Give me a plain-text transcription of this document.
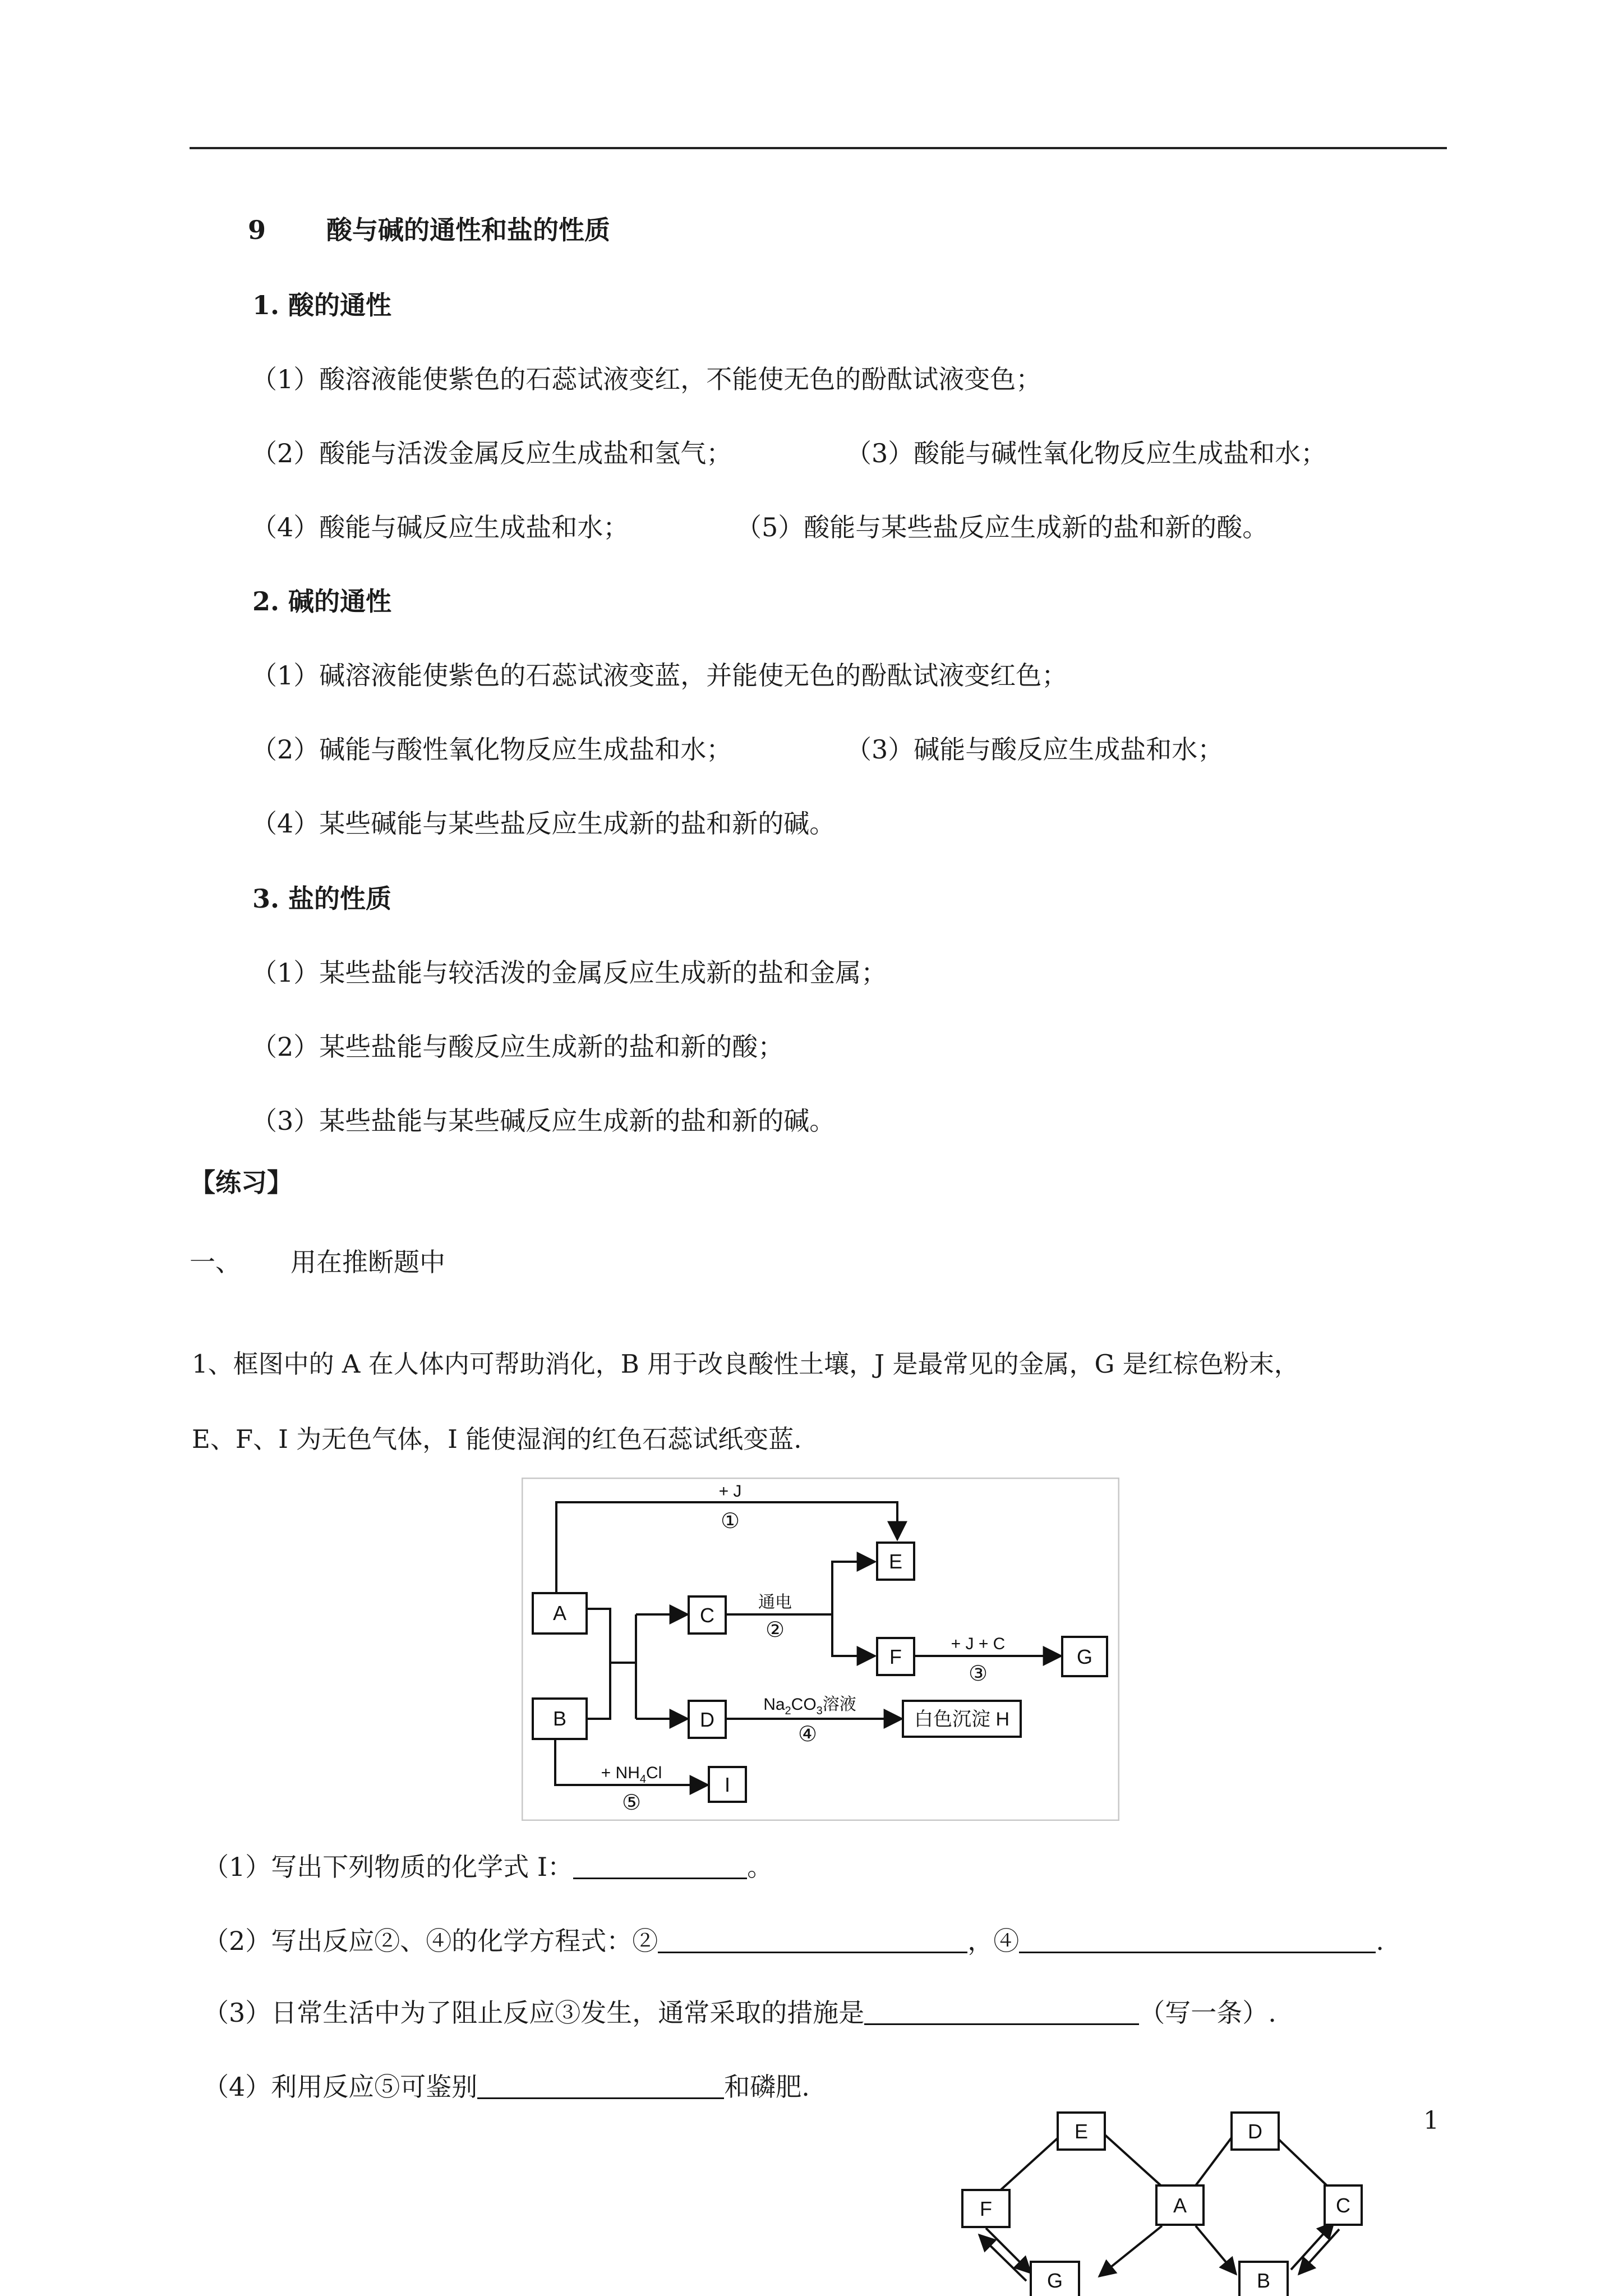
9 酸与碱的通性和盐的性质
1. 酸的通性
（1）酸溶液能使紫色的石蕊试液变红，不能使无色的酚酞试液变色；
（2）酸能与活泼金属反应生成盐和氢气；	（3）酸能与碱性氧化物反应生成盐和水；
（4）酸能与碱反应生成盐和水；	（5）酸能与某些盐反应生成新的盐和新的酸。
2. 碱的通性
（1）碱溶液能使紫色的石蕊试液变蓝，并能使无色的酚酞试液变红色；
（2）碱能与酸性氧化物反应生成盐和水；	（3）碱能与酸反应生成盐和水；
（4）某些碱能与某些盐反应生成新的盐和新的碱。
3. 盐的性质
（1）某些盐能与较活泼的金属反应生成新的盐和金属；
（2）某些盐能与酸反应生成新的盐和新的酸；
（3）某些盐能与某些碱反应生成新的盐和新的碱。
【练习】
一、 用在推断题中
1、框图中的 A 在人体内可帮助消化，B 用于改良酸性土壤，J 是最常见的金属，G 是红棕色粉末，
E、F、I 为无色气体，I 能使湿润的红色石蕊试纸变蓝.
A
B
C
D
E
F	G
白色沉淀 H
I
+ J
①
通电
②
+ J + C
③
$Na_2CO_3$溶液
④
+ $NH_4Cl$
⑤
（1）写出下列物质的化学式 I：	。
（2）写出反应②、④的化学方程式：②	，④	.
（3）日常生活中为了阻止反应③发生，通常采取的措施是	（写一条）.
（4）利用反应⑤可鉴别	和磷肥.
E	D
F	A	C
G	B
1
